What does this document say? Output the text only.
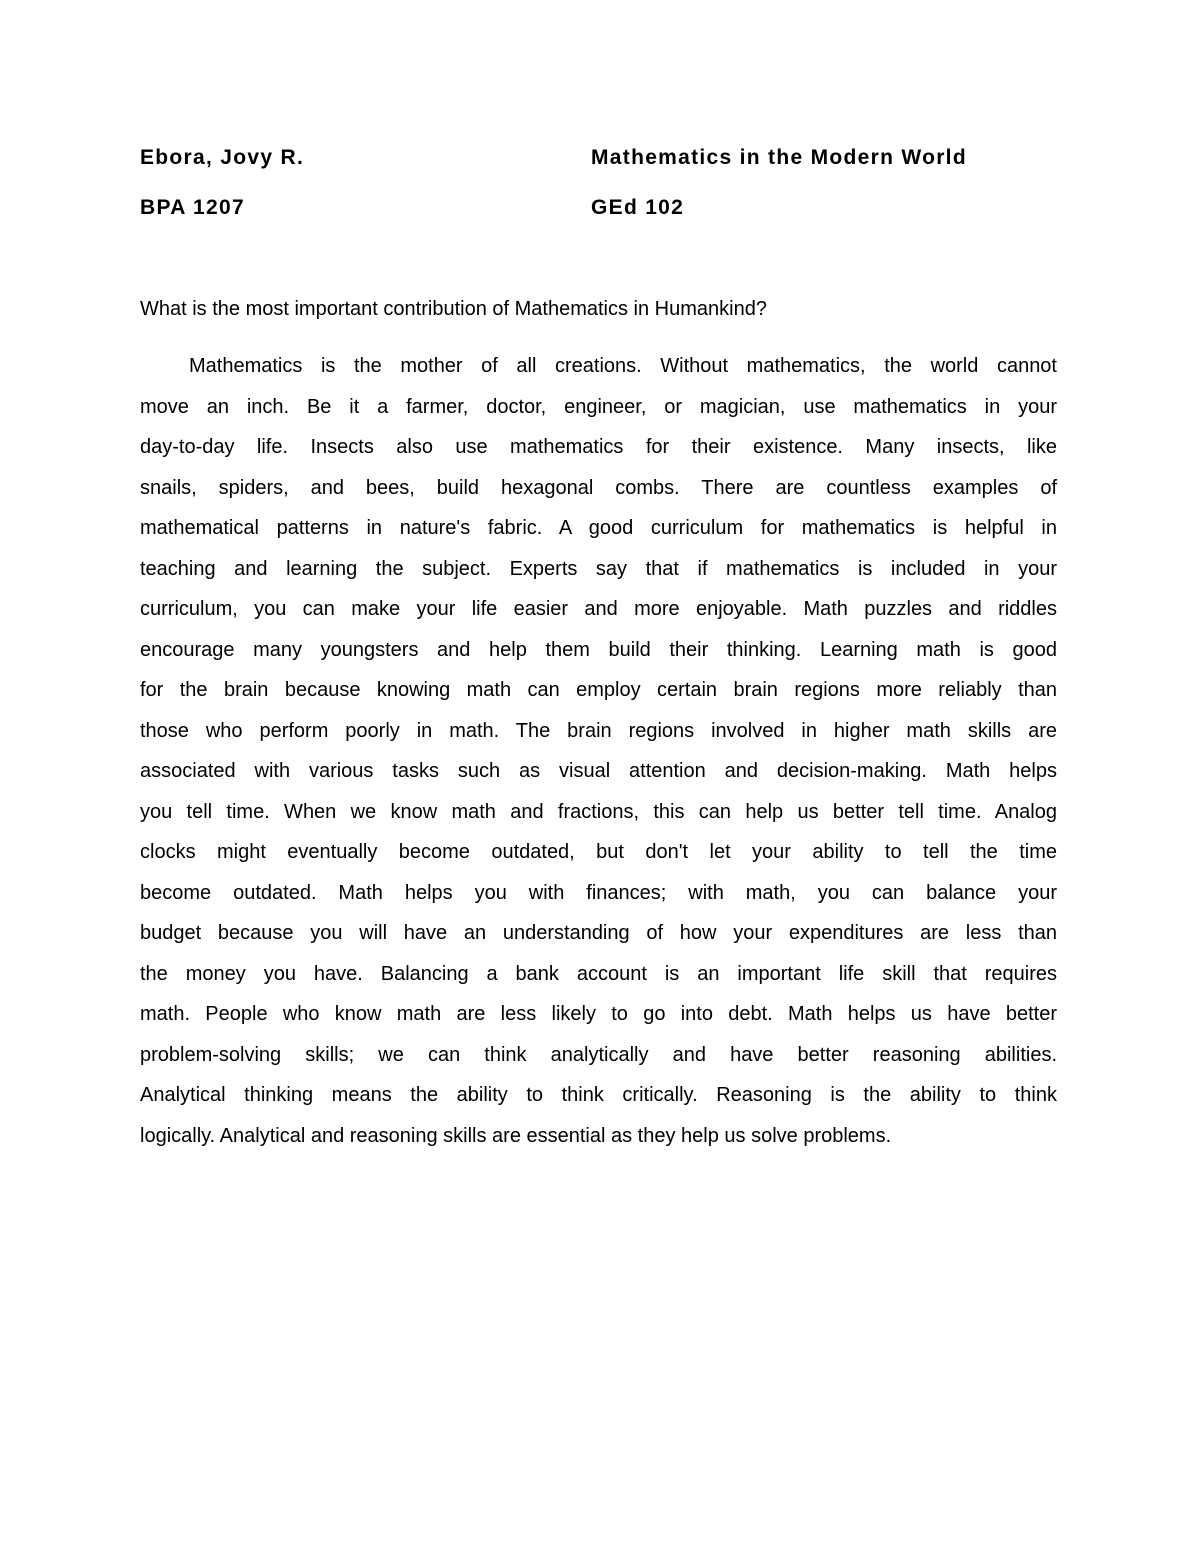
Ebora, Jovy R.	Mathematics in the Modern World
BPA 1207	GEd 102
What is the most important contribution of Mathematics in Humankind?
Mathematics is the mother of all creations. Without mathematics, the world cannot
move an inch. Be it a farmer, doctor, engineer, or magician, use mathematics in your
day-to-day life. Insects also use mathematics for their existence. Many insects, like
snails, spiders, and bees, build hexagonal combs. There are countless examples of
mathematical patterns in nature's fabric. A good curriculum for mathematics is helpful in
teaching and learning the subject. Experts say that if mathematics is included in your
curriculum, you can make your life easier and more enjoyable. Math puzzles and riddles
encourage many youngsters and help them build their thinking. Learning math is good
for the brain because knowing math can employ certain brain regions more reliably than
those who perform poorly in math. The brain regions involved in higher math skills are
associated with various tasks such as visual attention and decision-making. Math helps
you tell time. When we know math and fractions, this can help us better tell time. Analog
clocks might eventually become outdated, but don't let your ability to tell the time
become outdated. Math helps you with finances; with math, you can balance your
budget because you will have an understanding of how your expenditures are less than
the money you have. Balancing a bank account is an important life skill that requires
math. People who know math are less likely to go into debt. Math helps us have better
problem-solving skills; we can think analytically and have better reasoning abilities.
Analytical thinking means the ability to think critically. Reasoning is the ability to think
logically. Analytical and reasoning skills are essential as they help us solve problems.
